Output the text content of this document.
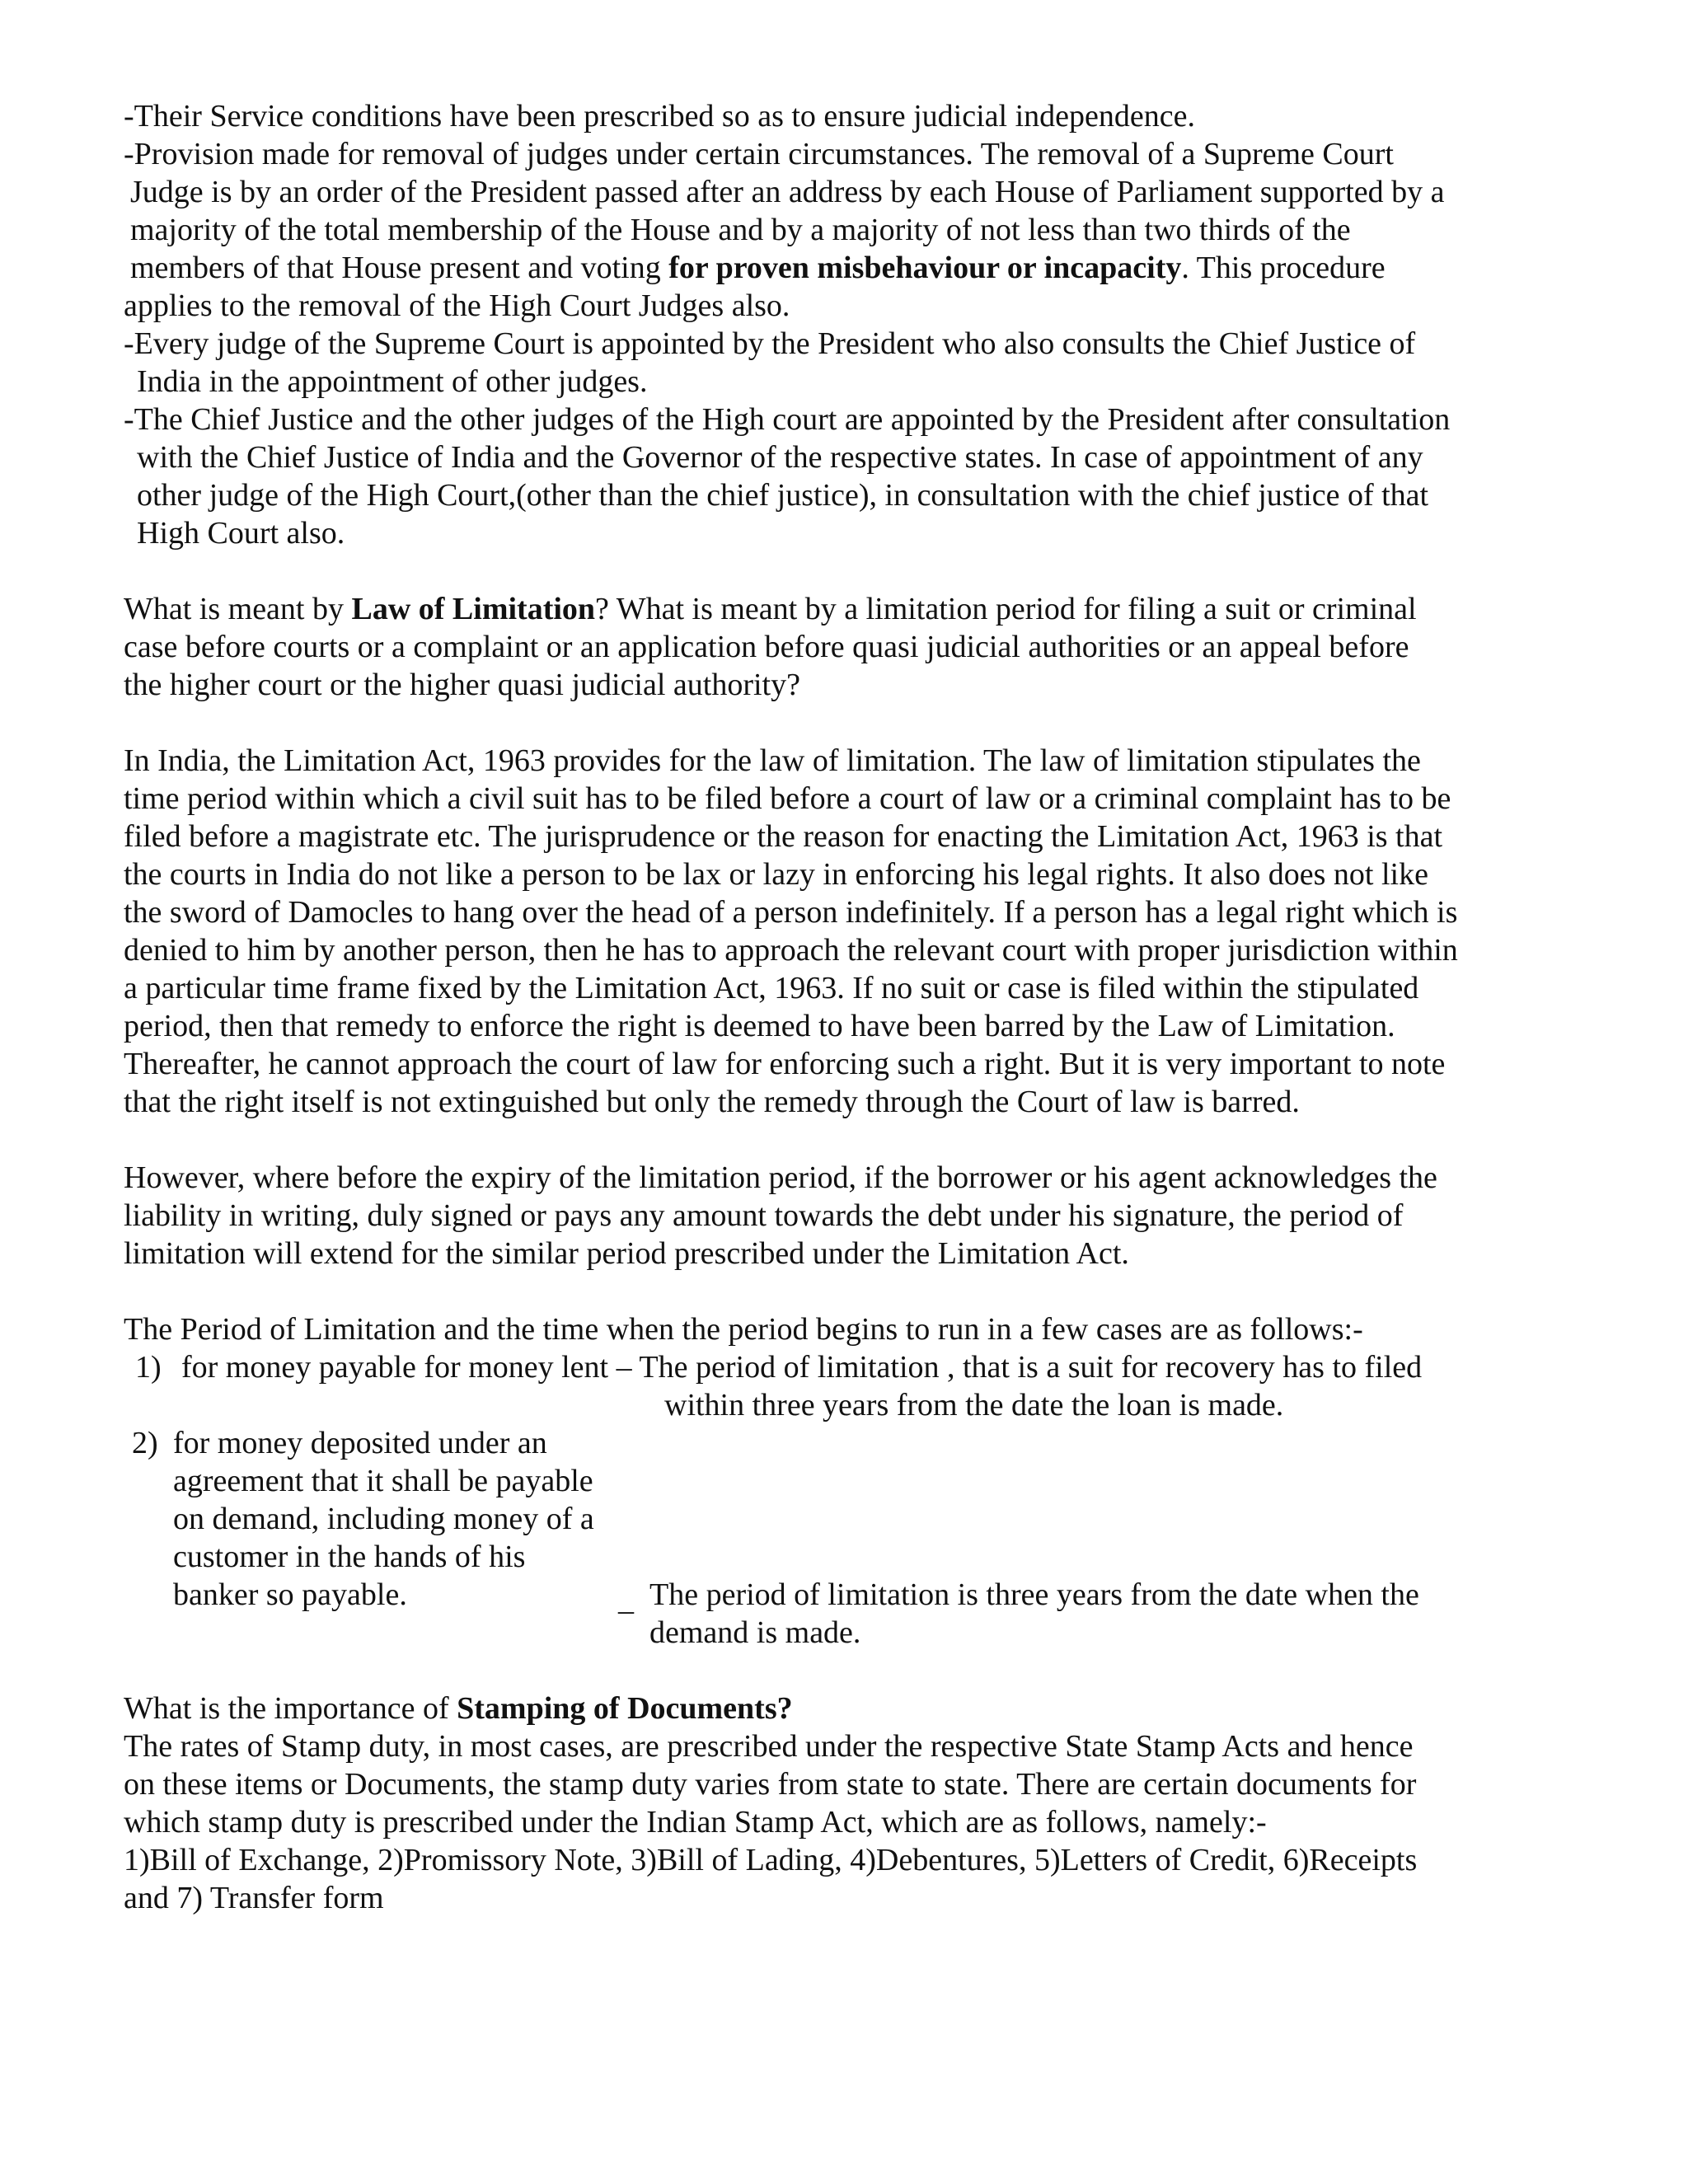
-Their Service conditions have been prescribed so as to ensure judicial independence.
-Provision made for removal of judges under certain circumstances. The removal of a Supreme Court
Judge is by an order of the President passed after an address by each House of Parliament supported by a
majority of the total membership of the House and by a majority of not less than two thirds of the
members of that House present and voting for proven misbehaviour or incapacity. This procedure
applies to the removal of the High Court Judges also.
-Every judge of the Supreme Court is appointed by the President who also consults the Chief Justice of
India in the appointment of other judges.
-The Chief Justice and the other judges of the High court are appointed by the President after consultation
with the Chief Justice of India and the Governor of the respective states. In case of appointment of any
other judge of the High Court,(other than the chief justice), in consultation with the chief justice of that
High Court also.
What is meant by Law of Limitation? What is meant by a limitation period for filing a suit or criminal
case before courts or a complaint or an application before quasi judicial authorities or an appeal before
the higher court or the higher quasi judicial authority?
In India, the Limitation Act, 1963 provides for the law of limitation. The law of limitation stipulates the
time period within which a civil suit has to be filed before a court of law or a criminal complaint has to be
filed before a magistrate etc. The jurisprudence or the reason for enacting the Limitation Act, 1963 is that
the courts in India do not like a person to be lax or lazy in enforcing his legal rights. It also does not like
the sword of Damocles to hang over the head of a person indefinitely. If a person has a legal right which is
denied to him by another person, then he has to approach the relevant court with proper jurisdiction within
a particular time frame fixed by the Limitation Act, 1963. If no suit or case is filed within the stipulated
period, then that remedy to enforce the right is deemed to have been barred by the Law of Limitation.
Thereafter, he cannot approach the court of law for enforcing such a right. But it is very important to note
that the right itself is not extinguished but only the remedy through the Court of law is barred.
However, where before the expiry of the limitation period, if the borrower or his agent acknowledges the
liability in writing, duly signed or pays any amount towards the debt under his signature, the period of
limitation will extend for the similar period prescribed under the Limitation Act.
The Period of Limitation and the time when the period begins to run in a few cases are as follows:-
1) for money payable for money lent – The period of limitation , that is a suit for recovery has to filed
within three years from the date the loan is made.
2) for money deposited under an
agreement that it shall be payable
on demand, including money of a
customer in the hands of his
banker so payable.	_ The period of limitation is three years from the date when the
demand is made.
What is the importance of Stamping of Documents?
The rates of Stamp duty, in most cases, are prescribed under the respective State Stamp Acts and hence
on these items or Documents, the stamp duty varies from state to state. There are certain documents for
which stamp duty is prescribed under the Indian Stamp Act, which are as follows, namely:-
1)Bill of Exchange, 2)Promissory Note, 3)Bill of Lading, 4)Debentures, 5)Letters of Credit, 6)Receipts
and 7) Transfer form
